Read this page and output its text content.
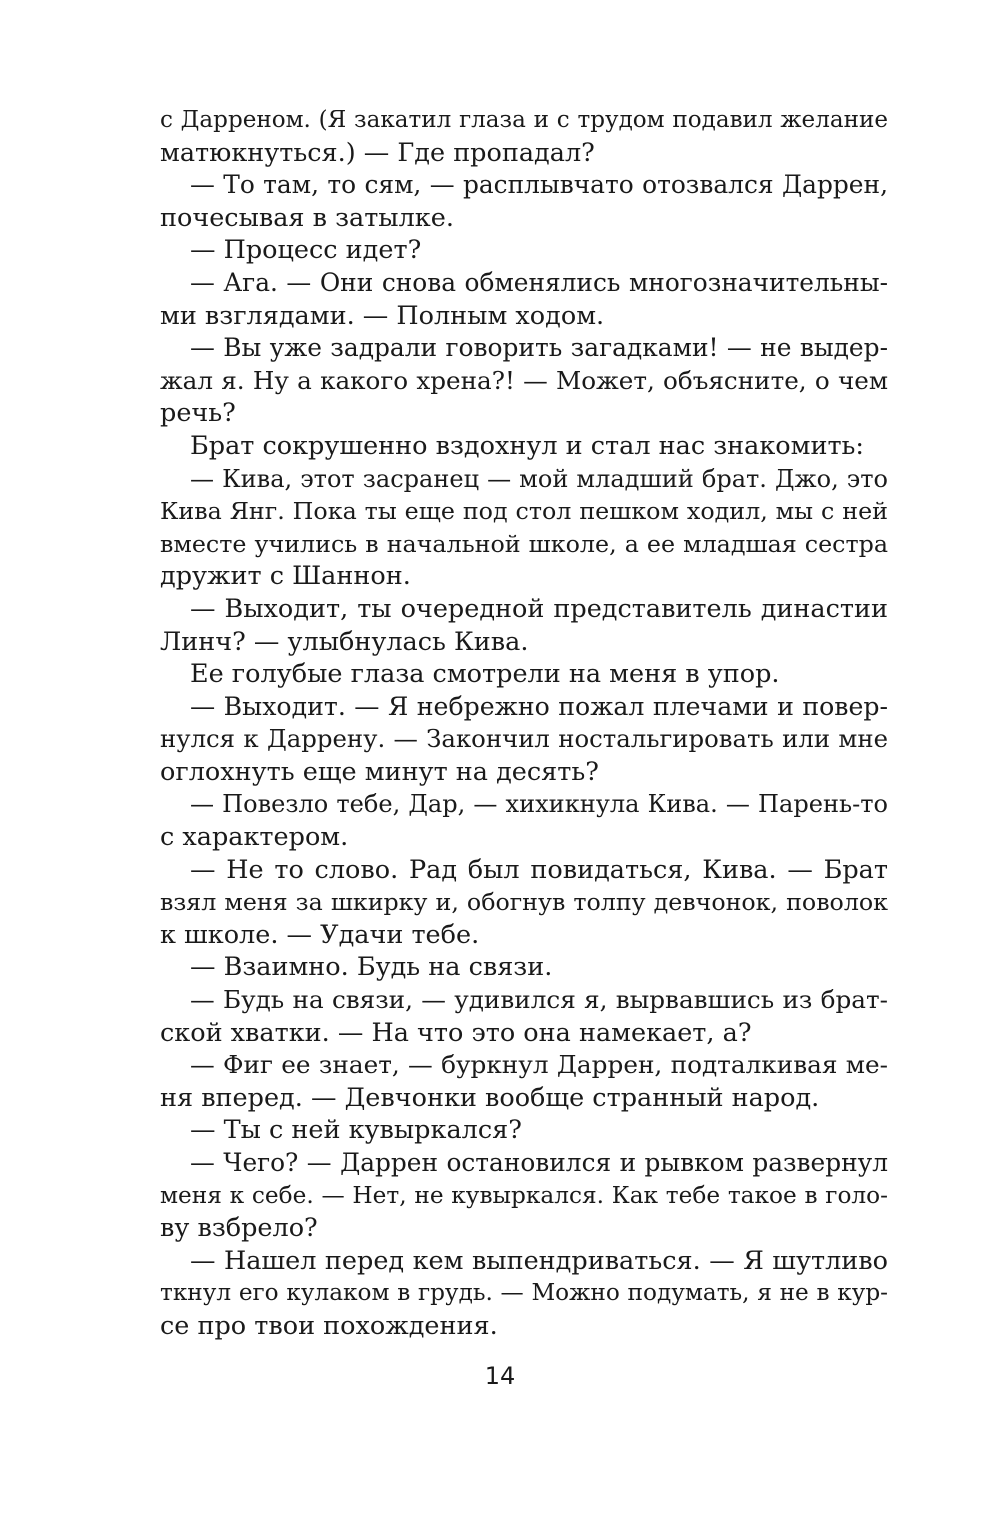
с Дарреном. (Я закатил глаза и с трудом подавил желание
матюкнуться.) — Где пропадал?
— То там, то сям, — расплывчато отозвался Даррен,
почесывая в затылке.
— Процесс идет?
— Ага. — Они снова обменялись многозначительны-
ми взглядами. — Полным ходом.
— Вы уже задрали говорить загадками! — не выдер-
жал я. Ну а какого хрена?! — Может, объясните, о чем
речь?
Брат сокрушенно вздохнул и стал нас знакомить:
— Кива, этот засранец — мой младший брат. Джо, это
Кива Янг. Пока ты еще под стол пешком ходил, мы с ней
вместе учились в начальной школе, а ее младшая сестра
дружит с Шаннон.
— Выходит, ты очередной представитель династии
Линч? — улыбнулась Кива.
Ее голубые глаза смотрели на меня в упор.
— Выходит. — Я небрежно пожал плечами и повер-
нулся к Даррену. — Закончил ностальгировать или мне
оглохнуть еще минут на десять?
— Повезло тебе, Дар, — хихикнула Кива. — Парень-то
с характером.
— Не то слово. Рад был повидаться, Кива. — Брат
взял меня за шкирку и, обогнув толпу девчонок, поволок
к школе. — Удачи тебе.
— Взаимно. Будь на связи.
— Будь на связи, — удивился я, вырвавшись из брат-
ской хватки. — На что это она намекает, а?
— Фиг ее знает, — буркнул Даррен, подталкивая ме-
ня вперед. — Девчонки вообще странный народ.
— Ты с ней кувыркался?
— Чего? — Даррен остановился и рывком развернул
меня к себе. — Нет, не кувыркался. Как тебе такое в голо-
ву взбрело?
— Нашел перед кем выпендриваться. — Я шутливо
ткнул его кулаком в грудь. — Можно подумать, я не в кур-
се про твои похождения.
14
